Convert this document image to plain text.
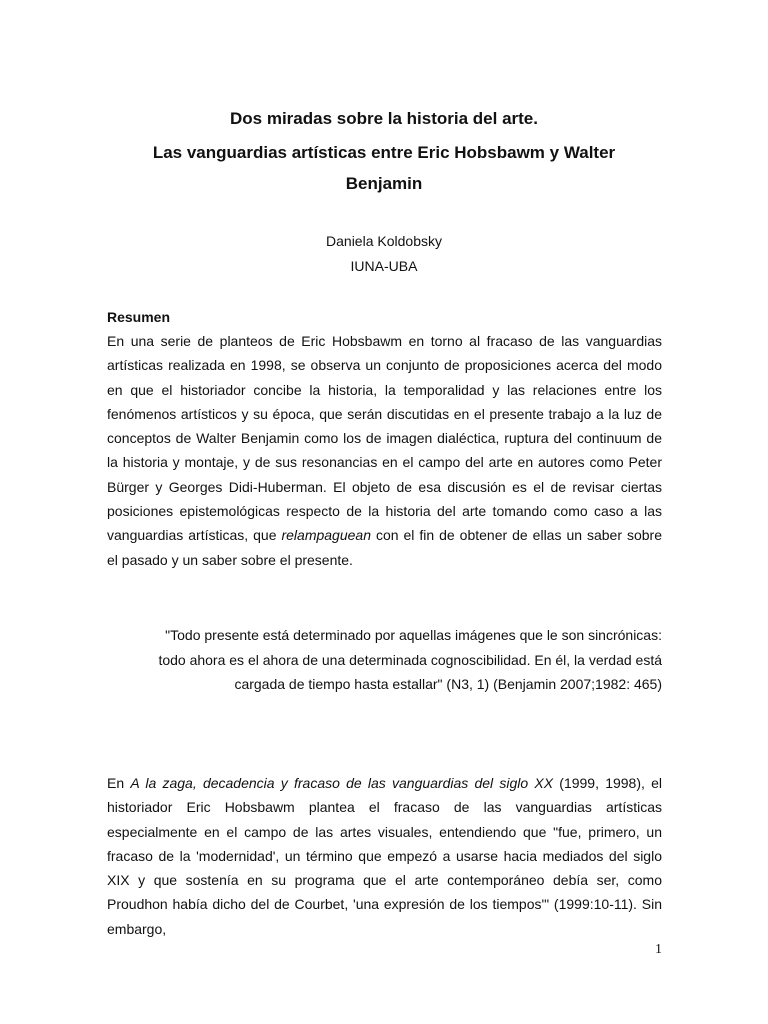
Dos miradas sobre la historia del arte.
Las vanguardias artísticas entre Eric Hobsbawm y Walter
Benjamin
Daniela Koldobsky
IUNA-UBA
Resumen
En una serie de planteos de Eric Hobsbawm en torno al fracaso de las vanguardias artísticas realizada en 1998, se observa un conjunto de proposiciones acerca del modo en que el historiador concibe la historia, la temporalidad y las relaciones entre los fenómenos artísticos y su época, que serán discutidas en el presente trabajo a la luz de conceptos de Walter Benjamin como los de imagen dialéctica, ruptura del continuum de la historia y montaje, y de sus resonancias en el campo del arte en autores como Peter Bürger y Georges Didi-Huberman. El objeto de esa discusión es el de revisar ciertas posiciones epistemológicas respecto de la historia del arte tomando como caso a las vanguardias artísticas, que relampaguean con el fin de obtener de ellas un saber sobre el pasado y un saber sobre el presente.
"Todo presente está determinado por aquellas imágenes que le son sincrónicas: todo ahora es el ahora de una determinada cognoscibilidad. En él, la verdad está cargada de tiempo hasta estallar" (N3, 1) (Benjamin 2007;1982: 465)
En A la zaga, decadencia y fracaso de las vanguardias del siglo XX (1999, 1998), el historiador Eric Hobsbawm plantea el fracaso de las vanguardias artísticas especialmente en el campo de las artes visuales, entendiendo que "fue, primero, un fracaso de la 'modernidad', un término que empezó a usarse hacia mediados del siglo XIX y que sostenía en su programa que el arte contemporáneo debía ser, como Proudhon había dicho del de Courbet, 'una expresión de los tiempos'" (1999:10-11). Sin embargo,
1
